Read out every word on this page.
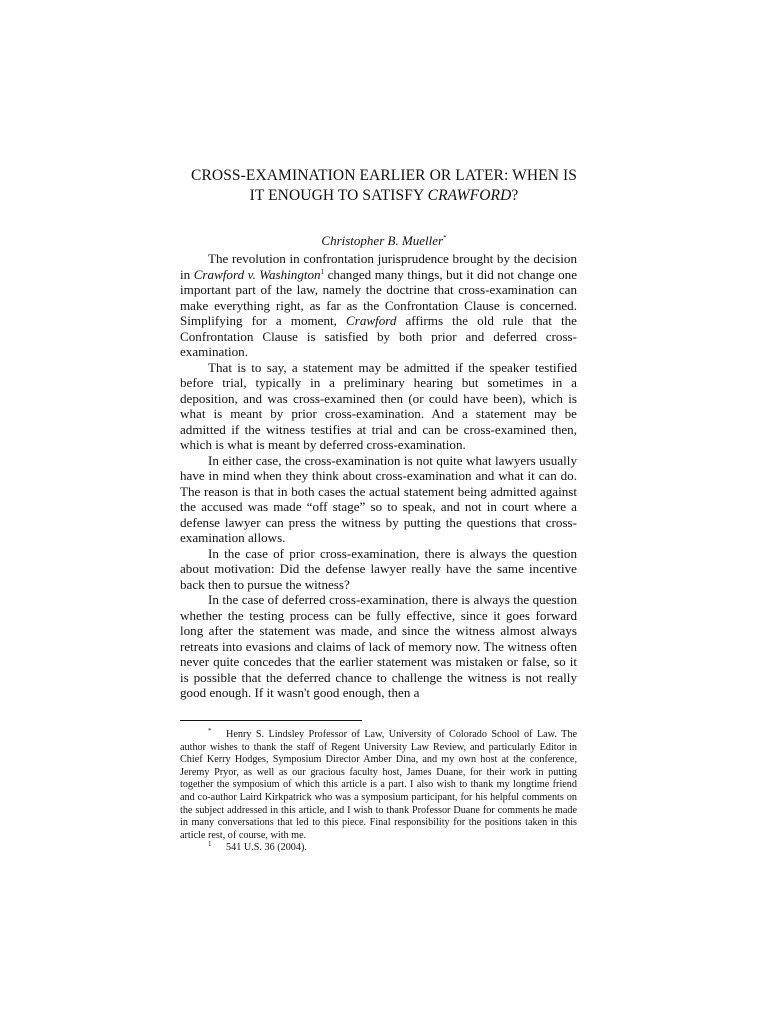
CROSS-EXAMINATION EARLIER OR LATER: WHEN IS
IT ENOUGH TO SATISFY CRAWFORD?
Christopher B. Mueller*

The revolution in confrontation jurisprudence brought by the decision in Crawford v. Washington$^1$ changed many things, but it did not change one important part of the law, namely the doctrine that cross-examination can make everything right, as far as the Confrontation Clause is concerned. Simplifying for a moment, Crawford affirms the old rule that the Confrontation Clause is satisfied by both prior and deferred cross-examination.

That is to say, a statement may be admitted if the speaker testified before trial, typically in a preliminary hearing but sometimes in a deposition, and was cross-examined then (or could have been), which is what is meant by prior cross-examination. And a statement may be admitted if the witness testifies at trial and can be cross-examined then, which is what is meant by deferred cross-examination.

In either case, the cross-examination is not quite what lawyers usually have in mind when they think about cross-examination and what it can do. The reason is that in both cases the actual statement being admitted against the accused was made “off stage” so to speak, and not in court where a defense lawyer can press the witness by putting the questions that cross-examination allows.

In the case of prior cross-examination, there is always the question about motivation: Did the defense lawyer really have the same incentive back then to pursue the witness?

In the case of deferred cross-examination, there is always the question whether the testing process can be fully effective, since it goes forward long after the statement was made, and since the witness almost always retreats into evasions and claims of lack of memory now. The witness often never quite concedes that the earlier statement was mistaken or false, so it is possible that the deferred chance to challenge the witness is not really good enough. If it wasn't good enough, then a

* Henry S. Lindsley Professor of Law, University of Colorado School of Law. The author wishes to thank the staff of Regent University Law Review, and particularly Editor in Chief Kerry Hodges, Symposium Director Amber Dina, and my own host at the conference, Jeremy Pryor, as well as our gracious faculty host, James Duane, for their work in putting together the symposium of which this article is a part. I also wish to thank my longtime friend and co-author Laird Kirkpatrick who was a symposium participant, for his helpful comments on the subject addressed in this article, and I wish to thank Professor Duane for comments he made in many conversations that led to this piece. Final responsibility for the positions taken in this article rest, of course, with me.

$^1$ 541 U.S. 36 (2004).
